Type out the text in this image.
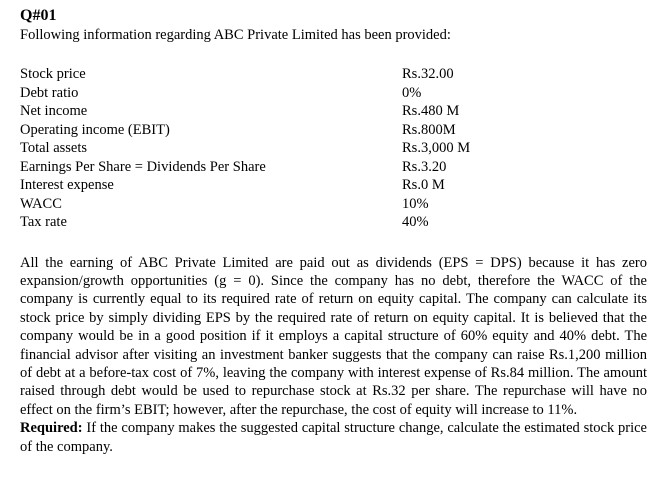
Q#01

Following information regarding ABC Private Limited has been provided:

Stock price	Rs.32.00
Debt ratio	0%
Net income	Rs.480 M
Operating income (EBIT)	Rs.800M
Total assets	Rs.3,000 M
Earnings Per Share = Dividends Per Share	Rs.3.20
Interest expense	Rs.0 M
WACC	10%
Tax rate	40%

All the earning of ABC Private Limited are paid out as dividends (EPS = DPS) because it has zero expansion/growth opportunities (g = 0). Since the company has no debt, therefore the WACC of the company is currently equal to its required rate of return on equity capital. The company can calculate its stock price by simply dividing EPS by the required rate of return on equity capital. It is believed that the company would be in a good position if it employs a capital structure of 60% equity and 40% debt. The financial advisor after visiting an investment banker suggests that the company can raise Rs.1,200 million of debt at a before-tax cost of 7%, leaving the company with interest expense of Rs.84 million. The amount raised through debt would be used to repurchase stock at Rs.32 per share. The repurchase will have no effect on the firm’s EBIT; however, after the repurchase, the cost of equity will increase to 11%.
Required: If the company makes the suggested capital structure change, calculate the estimated stock price of the company.
